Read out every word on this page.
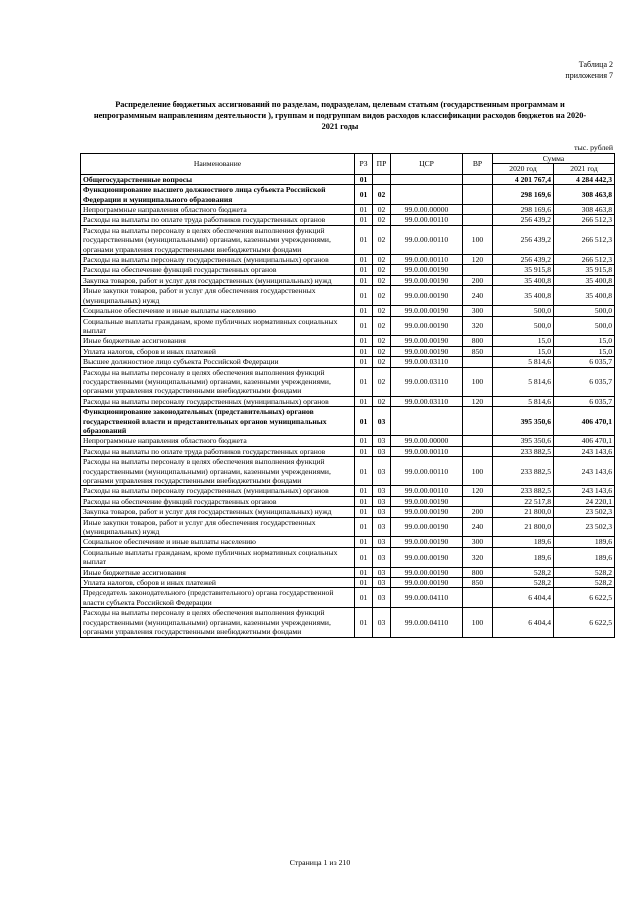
Таблица 2
приложения 7
Распределение бюджетных ассигнований по разделам, подразделам, целевым статьям (государственным программам и непрограммным направлениям деятельности ), группам и подгруппам видов расходов классификации расходов бюджетов на 2020-2021 годы
тыс. рублей
Наименование	РЗ	ПР	ЦСР	ВР	Сумма	
					2020 год	2021 год
Общегосударственные вопросы	01				4 201 767,4	4 284 442,3
Функционирование высшего должностного лица субъекта Российской Федерации и муниципального образования	01	02			298 169,6	308 463,8
Непрограммные направления областного бюджета	01	02	99.0.00.00000		298 169,6	308 463,8
Расходы на выплаты по оплате труда работников государственных органов	01	02	99.0.00.00110		256 439,2	266 512,3
Расходы на выплаты персоналу в целях обеспечения выполнения функций государственными (муниципальными) органами, казенными учреждениями, органами управления государственными внебюджетными фондами	01	02	99.0.00.00110	100	256 439,2	266 512,3
Расходы на выплаты персоналу государственных (муниципальных) органов	01	02	99.0.00.00110	120	256 439,2	266 512,3
Расходы на обеспечение функций государственных органов	01	02	99.0.00.00190		35 915,8	35 915,8
Закупка товаров, работ и услуг для государственных (муниципальных) нужд	01	02	99.0.00.00190	200	35 400,8	35 400,8
Иные закупки товаров, работ и услуг для обеспечения государственных (муниципальных) нужд	01	02	99.0.00.00190	240	35 400,8	35 400,8
Социальное обеспечение и иные выплаты населению	01	02	99.0.00.00190	300	500,0	500,0
Социальные выплаты гражданам, кроме публичных нормативных социальных выплат	01	02	99.0.00.00190	320	500,0	500,0
Иные бюджетные ассигнования	01	02	99.0.00.00190	800	15,0	15,0
Уплата налогов, сборов и иных платежей	01	02	99.0.00.00190	850	15,0	15,0
Высшее должностное лицо субъекта Российской Федерации	01	02	99.0.00.03110		5 814,6	6 035,7
Расходы на выплаты персоналу в целях обеспечения выполнения функций государственными (муниципальными) органами, казенными учреждениями, органами управления государственными внебюджетными фондами	01	02	99.0.00.03110	100	5 814,6	6 035,7
Расходы на выплаты персоналу государственных (муниципальных) органов	01	02	99.0.00.03110	120	5 814,6	6 035,7
Функционирование законодательных (представительных) органов государственной власти и представительных органов муниципальных образований	01	03			395 350,6	406 470,1
Непрограммные направления областного бюджета	01	03	99.0.00.00000		395 350,6	406 470,1
Расходы на выплаты по оплате труда работников государственных органов	01	03	99.0.00.00110		233 882,5	243 143,6
Расходы на выплаты персоналу в целях обеспечения выполнения функций государственными (муниципальными) органами, казенными учреждениями, органами управления государственными внебюджетными фондами	01	03	99.0.00.00110	100	233 882,5	243 143,6
Расходы на выплаты персоналу государственных (муниципальных) органов	01	03	99.0.00.00110	120	233 882,5	243 143,6
Расходы на обеспечение функций государственных органов	01	03	99.0.00.00190		22 517,8	24 220,1
Закупка товаров, работ и услуг для государственных (муниципальных) нужд	01	03	99.0.00.00190	200	21 800,0	23 502,3
Иные закупки товаров, работ и услуг для обеспечения государственных (муниципальных) нужд	01	03	99.0.00.00190	240	21 800,0	23 502,3
Социальное обеспечение и иные выплаты населению	01	03	99.0.00.00190	300	189,6	189,6
Социальные выплаты гражданам, кроме публичных нормативных социальных выплат	01	03	99.0.00.00190	320	189,6	189,6
Иные бюджетные ассигнования	01	03	99.0.00.00190	800	528,2	528,2
Уплата налогов, сборов и иных платежей	01	03	99.0.00.00190	850	528,2	528,2
Председатель законодательного (представительного) органа государственной власти субъекта Российской Федерации	01	03	99.0.00.04110		6 404,4	6 622,5
Расходы на выплаты персоналу в целях обеспечения выполнения функций государственными (муниципальными) органами, казенными учреждениями, органами управления государственными внебюджетными фондами	01	03	99.0.00.04110	100	6 404,4	6 622,5
Страница 1 из 210
